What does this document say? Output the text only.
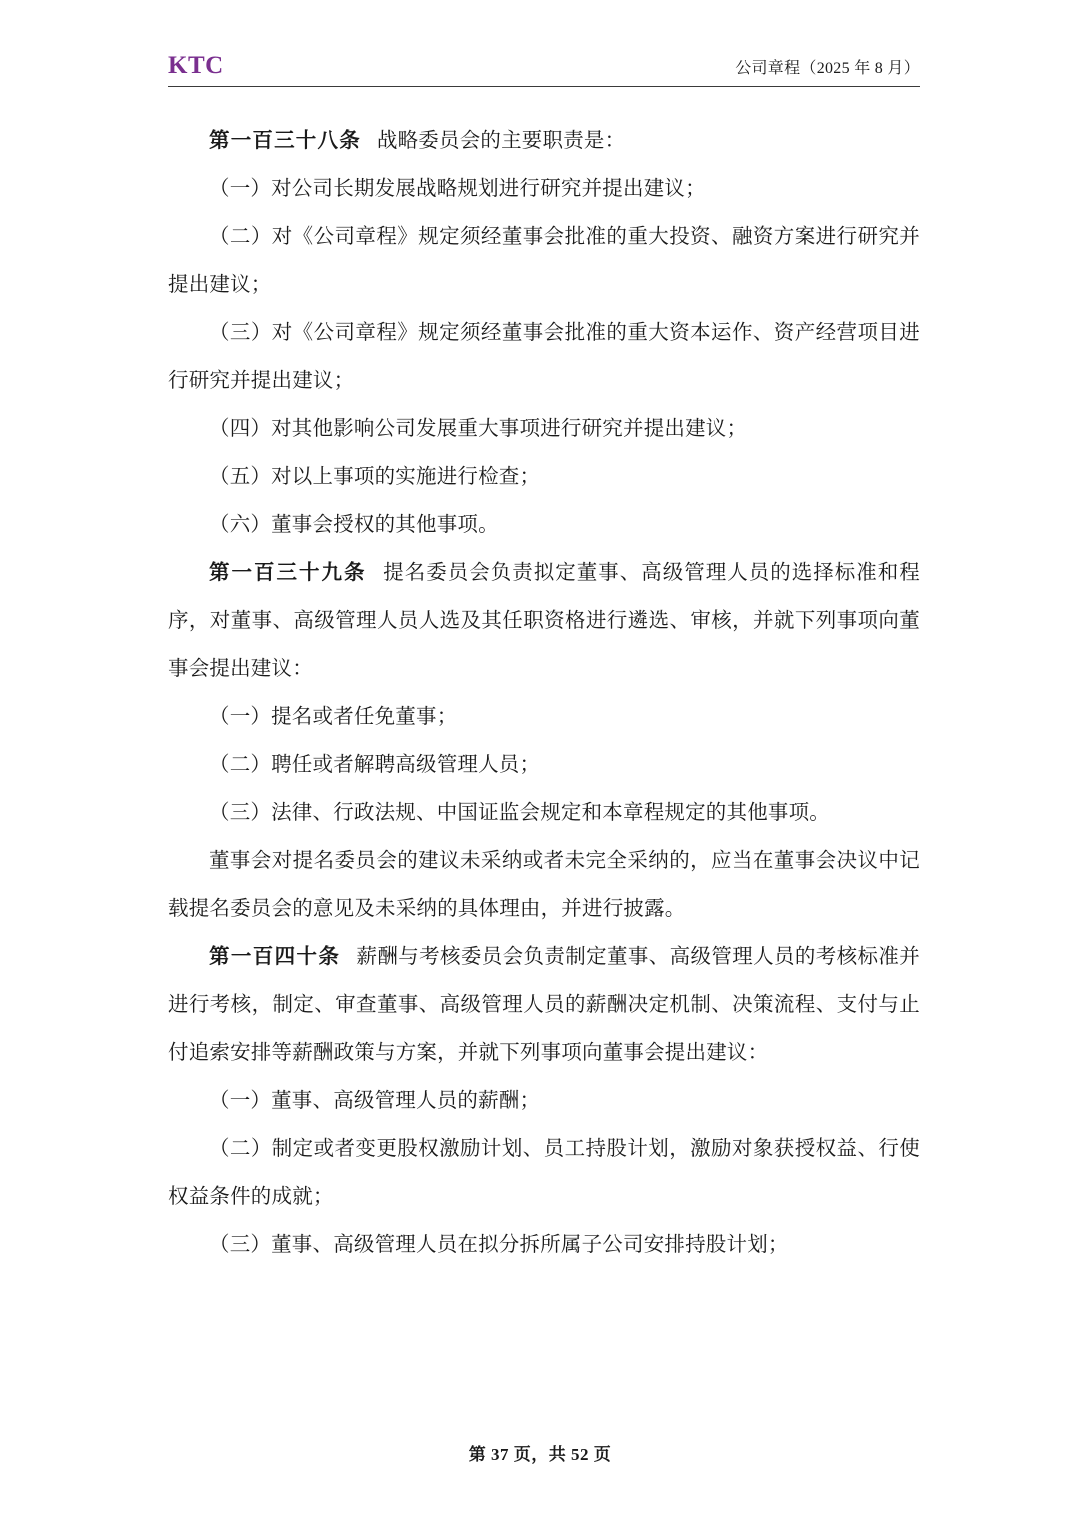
KTC	公司章程（2025 年 8 月）

第一百三十八条 战略委员会的主要职责是：

（一）对公司长期发展战略规划进行研究并提出建议；

（二）对《公司章程》规定须经董事会批准的重大投资、融资方案进行研究并提出建议；

（三）对《公司章程》规定须经董事会批准的重大资本运作、资产经营项目进行研究并提出建议；

（四）对其他影响公司发展重大事项进行研究并提出建议；

（五）对以上事项的实施进行检查；

（六）董事会授权的其他事项。

第一百三十九条 提名委员会负责拟定董事、高级管理人员的选择标准和程序，对董事、高级管理人员人选及其任职资格进行遴选、审核，并就下列事项向董事会提出建议：

（一）提名或者任免董事；

（二）聘任或者解聘高级管理人员；

（三）法律、行政法规、中国证监会规定和本章程规定的其他事项。

董事会对提名委员会的建议未采纳或者未完全采纳的，应当在董事会决议中记载提名委员会的意见及未采纳的具体理由，并进行披露。

第一百四十条 薪酬与考核委员会负责制定董事、高级管理人员的考核标准并进行考核，制定、审查董事、高级管理人员的薪酬决定机制、决策流程、支付与止付追索安排等薪酬政策与方案，并就下列事项向董事会提出建议：

（一）董事、高级管理人员的薪酬；

（二）制定或者变更股权激励计划、员工持股计划，激励对象获授权益、行使权益条件的成就；

（三）董事、高级管理人员在拟分拆所属子公司安排持股计划；

第 37 页，共 52 页
